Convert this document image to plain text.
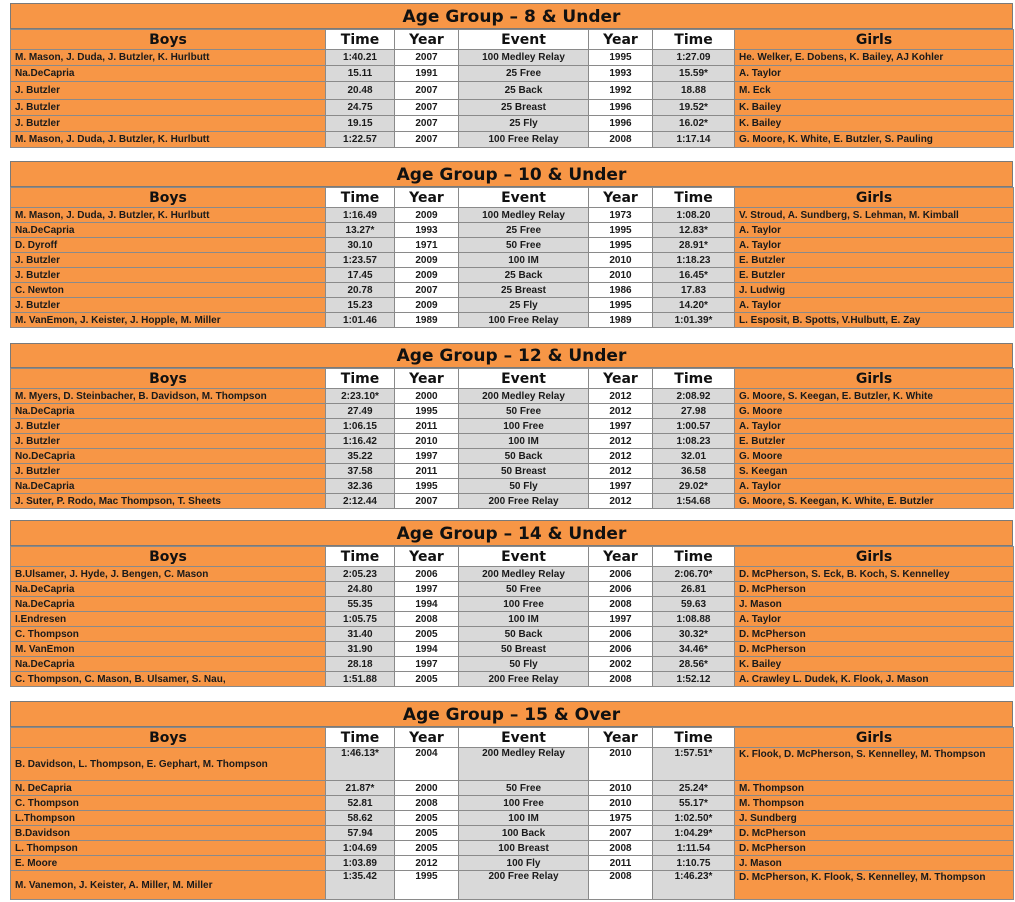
Age Group – 8 & Under
Boys	Time	Year	Event	Year	Time	Girls
M. Mason, J. Duda, J. Butzler, K. Hurlbutt	1:40.21	2007	100 Medley Relay	1995	1:27.09	He. Welker, E. Dobens, K. Bailey, AJ Kohler
Na.DeCapria	15.11	1991	25 Free	1993	15.59*	A. Taylor
J. Butzler	20.48	2007	25 Back	1992	18.88	M. Eck
J. Butzler	24.75	2007	25 Breast	1996	19.52*	K. Bailey
J. Butzler	19.15	2007	25 Fly	1996	16.02*	K. Bailey
M. Mason, J. Duda, J. Butzler, K. Hurlbutt	1:22.57	2007	100 Free Relay	2008	1:17.14	G. Moore, K. White, E. Butzler, S. Pauling
Age Group – 10 & Under
Boys	Time	Year	Event	Year	Time	Girls
M. Mason, J. Duda, J. Butzler, K. Hurlbutt	1:16.49	2009	100 Medley Relay	1973	1:08.20	V. Stroud, A. Sundberg, S. Lehman, M. Kimball
Na.DeCapria	13.27*	1993	25 Free	1995	12.83*	A. Taylor
D. Dyroff	30.10	1971	50 Free	1995	28.91*	A. Taylor
J. Butzler	1:23.57	2009	100 IM	2010	1:18.23	E. Butzler
J. Butzler	17.45	2009	25 Back	2010	16.45*	E. Butzler
C. Newton	20.78	2007	25 Breast	1986	17.83	J. Ludwig
J. Butzler	15.23	2009	25 Fly	1995	14.20*	A. Taylor
M. VanEmon, J. Keister, J. Hopple, M. Miller	1:01.46	1989	100 Free Relay	1989	1:01.39*	L. Esposit, B. Spotts, V.Hulbutt, E. Zay
Age Group – 12 & Under
Boys	Time	Year	Event	Year	Time	Girls
M. Myers, D. Steinbacher, B. Davidson, M. Thompson	2:23.10*	2000	200 Medley Relay	2012	2:08.92	G. Moore, S. Keegan, E. Butzler, K. White
Na.DeCapria	27.49	1995	50 Free	2012	27.98	G. Moore
J. Butzler	1:06.15	2011	100 Free	1997	1:00.57	A. Taylor
J. Butzler	1:16.42	2010	100 IM	2012	1:08.23	E. Butzler
No.DeCapria	35.22	1997	50 Back	2012	32.01	G. Moore
J. Butzler	37.58	2011	50 Breast	2012	36.58	S. Keegan
Na.DeCapria	32.36	1995	50 Fly	1997	29.02*	A. Taylor
J. Suter, P. Rodo, Mac Thompson, T. Sheets	2:12.44	2007	200 Free Relay	2012	1:54.68	G. Moore, S. Keegan, K. White, E. Butzler
Age Group – 14 & Under
Boys	Time	Year	Event	Year	Time	Girls
B.Ulsamer, J. Hyde, J. Bengen, C. Mason	2:05.23	2006	200 Medley Relay	2006	2:06.70*	D. McPherson, S. Eck, B. Koch, S. Kennelley
Na.DeCapria	24.80	1997	50 Free	2006	26.81	D. McPherson
Na.DeCapria	55.35	1994	100 Free	2008	59.63	J. Mason
I.Endresen	1:05.75	2008	100 IM	1997	1:08.88	A. Taylor
C. Thompson	31.40	2005	50 Back	2006	30.32*	D. McPherson
M. VanEmon	31.90	1994	50 Breast	2006	34.46*	D. McPherson
Na.DeCapria	28.18	1997	50 Fly	2002	28.56*	K. Bailey
C. Thompson, C. Mason, B. Ulsamer, S. Nau,	1:51.88	2005	200 Free Relay	2008	1:52.12	A. Crawley L. Dudek, K. Flook, J. Mason
Age Group – 15 & Over
Boys	Time	Year	Event	Year	Time	Girls
B. Davidson, L. Thompson, E. Gephart, M. Thompson	1:46.13*	2004	200 Medley Relay	2010	1:57.51*	K. Flook, D. McPherson, S. Kennelley, M. Thompson
N. DeCapria	21.87*	2000	50 Free	2010	25.24*	M. Thompson
C. Thompson	52.81	2008	100 Free	2010	55.17*	M. Thompson
L.Thompson	58.62	2005	100 IM	1975	1:02.50*	J. Sundberg
B.Davidson	57.94	2005	100 Back	2007	1:04.29*	D. McPherson
L. Thompson	1:04.69	2005	100 Breast	2008	1:11.54	D. McPherson
E. Moore	1:03.89	2012	100 Fly	2011	1:10.75	J. Mason
M. Vanemon, J. Keister, A. Miller, M. Miller	1:35.42	1995	200 Free Relay	2008	1:46.23*	D. McPherson, K. Flook, S. Kennelley, M. Thompson
